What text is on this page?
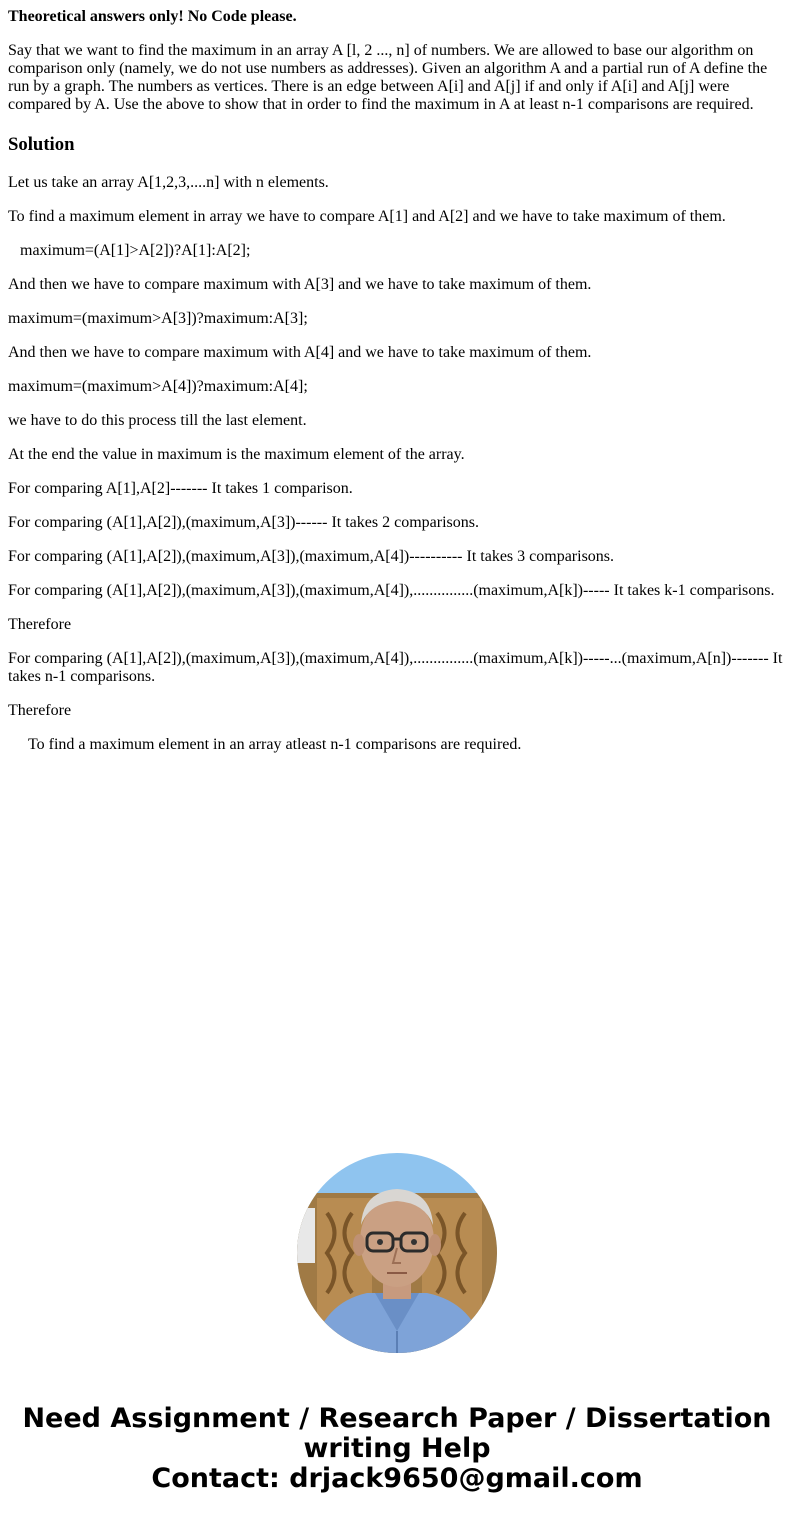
Theoretical answers only! No Code please.

Say that we want to find the maximum in an array A [l, 2 ..., n] of numbers. We are allowed to base our algorithm on comparison only (namely, we do not use numbers as addresses). Given an algorithm A and a partial run of A define the run by a graph. The numbers as vertices. There is an edge between A[i] and A[j] if and only if A[i] and A[j] were compared by A. Use the above to show that in order to find the maximum in A at least n-1 comparisons are required.

Solution

Let us take an array A[1,2,3,....n] with n elements.

To find a maximum element in array we have to compare A[1] and A[2] and we have to take maximum of them.

maximum=(A[1]>A[2])?A[1]:A[2];

And then we have to compare maximum with A[3] and we have to take maximum of them.

maximum=(maximum>A[3])?maximum:A[3];

And then we have to compare maximum with A[4] and we have to take maximum of them.

maximum=(maximum>A[4])?maximum:A[4];

we have to do this process till the last element.

At the end the value in maximum is the maximum element of the array.

For comparing A[1],A[2]------- It takes 1 comparison.

For comparing (A[1],A[2]),(maximum,A[3])------ It takes 2 comparisons.

For comparing (A[1],A[2]),(maximum,A[3]),(maximum,A[4])---------- It takes 3 comparisons.

For comparing (A[1],A[2]),(maximum,A[3]),(maximum,A[4]),...............(maximum,A[k])----- It takes k-1 comparisons.

Therefore

For comparing (A[1],A[2]),(maximum,A[3]),(maximum,A[4]),...............(maximum,A[k])-----...(maximum,A[n])------- It takes n-1 comparisons.

Therefore

To find a maximum element in an array atleast n-1 comparisons are required.

Need Assignment / Research Paper / Dissertation
writing Help
Contact: drjack9650@gmail.com
